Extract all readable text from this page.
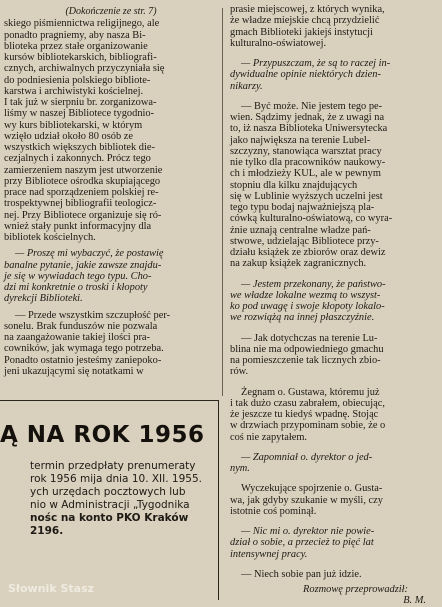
(Dokończenie ze str. 7)

skiego piśmiennictwa religijnego, ale

ponadto pragniemy, aby nasza Bi-

blioteka przez stałe organizowanie

kursów bibliotekarskich, bibliografi-

cznych, archiwalnych przyczyniała się

do podniesienia polskiego bibliote-

karstwa i archiwistyki kościelnej.

I tak już w sierpniu br. zorganizowa-

liśmy w naszej Bibliotece tygodnio-

wy kurs bibliotekarski, w którym

wzięło udział około 80 osób ze

wszystkich większych bibliotek die-

cezjalnych i zakonnych. Prócz tego

zamierzeniem naszym jest utworzenie

przy Bibliotece ośrodka skupiającego

prace nad sporządzeniem polskiej re-

trospektywnej bibliografii teologicz-

nej. Przy Bibliotece organizuje się ró-

wnież stały punkt informacyjny dla

bibliotek kościelnych.

— Proszę mi wybaczyć, że postawię

banalne pytanie, jakie zawsze znajdu-

je się w wywiadach tego typu. Cho-

dzi mi konkretnie o troski i kłopoty

dyrekcji Biblioteki.

— Przede wszystkim szczupłość per-

sonelu. Brak funduszów nie pozwala

na zaangażowanie takiej ilości pra-

cowników, jak wymaga tego potrzeba.

Ponadto ostatnio jesteśmy zaniepoko-

jeni ukazującymi się notatkami w

prasie miejscowej, z których wynika,

że władze miejskie chcą przydzielić

gmach Biblioteki jakiejś instytucji

kulturalno-oświatowej.

— Przypuszczam, że są to raczej in-

dywidualne opinie niektórych dzien-

nikarzy.

— Być może. Nie jestem tego pe-

wien. Sądzimy jednak, że z uwagi na

to, iż nasza Biblioteka Uniwersytecka

jako największa na terenie Lubel-

szczyzny, stanowiąca warsztat pracy

nie tylko dla pracowników naukowy-

ch i młodzieży KUL, ale w pewnym

stopniu dla kilku znajdujących

się w Lublinie wyższych uczelni jest

tego typu bodaj najważniejszą pla-

cówką kulturalno-oświatową, co wyra-

źnie uznają centralne władze pań-

stwowe, udzielając Bibliotece przy-

działu książek ze zbiorów oraz dewiz

na zakup książek zagranicznych.

— Jestem przekonany, że państwo-

we władze lokalne wezmą to wszyst-

ko pod uwagę i swoje kłopoty lokalo-

we rozwiążą na innej płaszczyźnie.

— Jak dotychczas na terenie Lu-

blina nie ma odpowiedniego gmachu

na pomieszczenie tak licznych zbio-

rów.

Żegnam o. Gustawa, któremu już

i tak dużo czasu zabrałem, obiecując,

że jeszcze tu kiedyś wpadnę. Stojąc

w drzwiach przypominam sobie, że o

coś nie zapytałem.

— Zapomniał o. dyrektor o jed-

nym.

Wyczekujące spojrzenie o. Gusta-

wa, jak gdyby szukanie w myśli, czy

istotnie coś pominął.

— Nic mi o. dyrektor nie powie-

dział o sobie, a przecież to pięć lat

intensywnej pracy.

— Niech sobie pan już idzie.

Rozmowę przeprowadził:

B. M.

Ą NA ROK 1956

termin przedpłaty prenumeraty

rok 1956 mija dnia 10. XII. 1955.

ych urzędach pocztowych lub

nio w Administracji „Tygodnika

nośc na konto PKO Kraków

2196.

Słownik Stasz
